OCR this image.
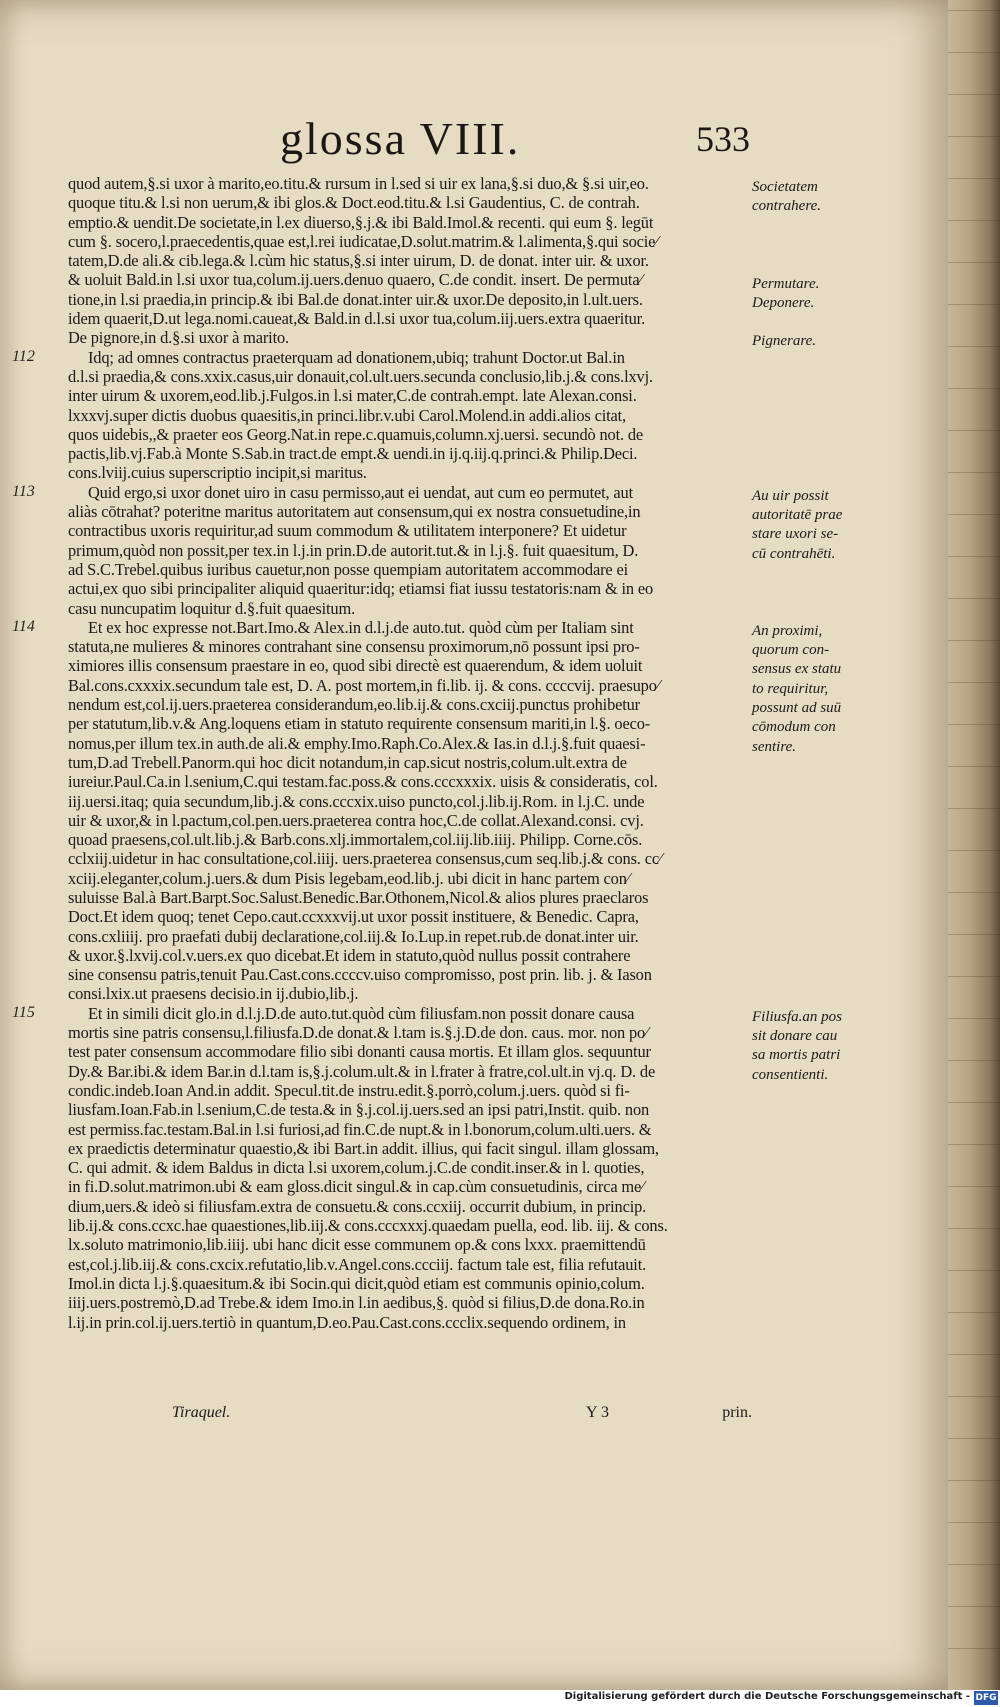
glossa VIII.	533
quod autem,§.si uxor à marito,eo.titu.& rursum in l.sed si uir ex lana,§.si duo,& §.si uir,eo.
quoque titu.& l.si non uerum,& ibi glos.& Doct.eod.titu.& l.si Gaudentius, C. de contrah.
emptio.& uendit.De societate,in l.ex diuerso,§.j.& ibi Bald.Imol.& recenti. qui eum §. legūt
cum §. socero,l.praecedentis,quae est,l.rei iudicatae,D.solut.matrim.& l.alimenta,§.qui socie⁄
tatem,D.de ali.& cib.lega.& l.cùm hic status,§.si inter uirum, D. de donat. inter uir. & uxor.
& uoluit Bald.in l.si uxor tua,colum.ij.uers.denuo quaero, C.de condit. insert. De permuta⁄
tione,in l.si praedia,in princip.& ibi Bal.de donat.inter uir.& uxor.De deposito,in l.ult.uers.
idem quaerit,D.ut lega.nomi.caueat,& Bald.in d.l.si uxor tua,colum.iij.uers.extra quaeritur.
De pignore,in d.§.si uxor à marito.
Idq; ad omnes contractus praeterquam ad donationem,ubiq; trahunt Doctor.ut Bal.in
d.l.si praedia,& cons.xxix.casus,uir donauit,col.ult.uers.secunda conclusio,lib.j.& cons.lxvj.
inter uirum & uxorem,eod.lib.j.Fulgos.in l.si mater,C.de contrah.empt. late Alexan.consi.
lxxxvj.super dictis duobus quaesitis,in princi.libr.v.ubi Carol.Molend.in addi.alios citat,
quos uidebis,,& praeter eos Georg.Nat.in repe.c.quamuis,column.xj.uersi. secundò not. de
pactis,lib.vj.Fab.à Monte S.Sab.in tract.de empt.& uendi.in ij.q.iij.q.princi.& Philip.Deci.
cons.lviij.cuius superscriptio incipit,si maritus.
Quid ergo,si uxor donet uiro in casu permisso,aut ei uendat, aut cum eo permutet, aut
aliàs cōtrahat? poteritne maritus autoritatem aut consensum,qui ex nostra consuetudine,in
contractibus uxoris requiritur,ad suum commodum & utilitatem interponere? Et uidetur
primum,quòd non possit,per tex.in l.j.in prin.D.de autorit.tut.& in l.j.§. fuit quaesitum, D.
ad S.C.Trebel.quibus iuribus cauetur,non posse quempiam autoritatem accommodare ei
actui,ex quo sibi principaliter aliquid quaeritur:idq; etiamsi fiat iussu testatoris:nam & in eo
casu nuncupatim loquitur d.§.fuit quaesitum.
Et ex hoc expresse not.Bart.Imo.& Alex.in d.l.j.de auto.tut. quòd cùm per Italiam sint
statuta,ne mulieres & minores contrahant sine consensu proximorum,nō possunt ipsi pro-
ximiores illis consensum praestare in eo, quod sibi directè est quaerendum, & idem uoluit
Bal.cons.cxxxix.secundum tale est, D. A. post mortem,in fi.lib. ij. & cons. ccccvij. praesupo⁄
nendum est,col.ij.uers.praeterea considerandum,eo.lib.ij.& cons.cxciij.punctus prohibetur
per statutum,lib.v.& Ang.loquens etiam in statuto requirente consensum mariti,in l.§. oeco-
nomus,per illum tex.in auth.de ali.& emphy.Imo.Raph.Co.Alex.& Ias.in d.l.j.§.fuit quaesi-
tum,D.ad Trebell.Panorm.qui hoc dicit notandum,in cap.sicut nostris,colum.ult.extra de
iureiur.Paul.Ca.in l.senium,C.qui testam.fac.poss.& cons.cccxxxix. uisis & consideratis, col.
iij.uersi.itaq; quia secundum,lib.j.& cons.cccxix.uiso puncto,col.j.lib.ij.Rom. in l.j.C. unde
uir & uxor,& in l.pactum,col.pen.uers.praeterea contra hoc,C.de collat.Alexand.consi. cvj.
quoad praesens,col.ult.lib.j.& Barb.cons.xlj.immortalem,col.iij.lib.iiij. Philipp. Corne.cōs.
cclxiij.uidetur in hac consultatione,col.iiij. uers.praeterea consensus,cum seq.lib.j.& cons. cc⁄
xciij.eleganter,colum.j.uers.& dum Pisis legebam,eod.lib.j. ubi dicit in hanc partem con⁄
suluisse Bal.à Bart.Barpt.Soc.Salust.Benedic.Bar.Othonem,Nicol.& alios plures praeclaros
Doct.Et idem quoq; tenet Cepo.caut.ccxxxvij.ut uxor possit instituere, & Benedic. Capra,
cons.cxliiij. pro praefati dubij declaratione,col.iij.& Io.Lup.in repet.rub.de donat.inter uir.
& uxor.§.lxvij.col.v.uers.ex quo dicebat.Et idem in statuto,quòd nullus possit contrahere
sine consensu patris,tenuit Pau.Cast.cons.ccccv.uiso compromisso, post prin. lib. j. & Iason
consi.lxix.ut praesens decisio.in ij.dubio,lib.j.
Et in simili dicit glo.in d.l.j.D.de auto.tut.quòd cùm filiusfam.non possit donare causa
mortis sine patris consensu,l.filiusfa.D.de donat.& l.tam is.§.j.D.de don. caus. mor. non po⁄
test pater consensum accommodare filio sibi donanti causa mortis. Et illam glos. sequuntur
Dy.& Bar.ibi.& idem Bar.in d.l.tam is,§.j.colum.ult.& in l.frater à fratre,col.ult.in vj.q. D. de
condic.indeb.Ioan And.in addit. Specul.tit.de instru.edit.§.porrò,colum.j.uers. quòd si fi-
liusfam.Ioan.Fab.in l.senium,C.de testa.& in §.j.col.ij.uers.sed an ipsi patri,Instit. quib. non
est permiss.fac.testam.Bal.in l.si furiosi,ad fin.C.de nupt.& in l.bonorum,colum.ulti.uers. &
ex praedictis determinatur quaestio,& ibi Bart.in addit. illius, qui facit singul. illam glossam,
C. qui admit. & idem Baldus in dicta l.si uxorem,colum.j.C.de condit.inser.& in l. quoties,
in fi.D.solut.matrimon.ubi & eam gloss.dicit singul.& in cap.cùm consuetudinis, circa me⁄
dium,uers.& ideò si filiusfam.extra de consuetu.& cons.ccxiij. occurrit dubium, in princip.
lib.ij.& cons.ccxc.hae quaestiones,lib.iij.& cons.cccxxxj.quaedam puella, eod. lib. iij. & cons.
lx.soluto matrimonio,lib.iiij. ubi hanc dicit esse communem op.& cons lxxx. praemittendū
est,col.j.lib.iij.& cons.cxcix.refutatio,lib.v.Angel.cons.ccciij. factum tale est, filia refutauit.
Imol.in dicta l.j.§.quaesitum.& ibi Socin.qui dicit,quòd etiam est communis opinio,colum.
iiij.uers.postremò,D.ad Trebe.& idem Imo.in l.in aedibus,§. quòd si filius,D.de dona.Ro.in
l.ij.in prin.col.ij.uers.tertiò in quantum,D.eo.Pau.Cast.cons.ccclix.sequendo ordinem, in
112
113
114
115
Societatem
contrahere.
Permutare.
Deponere.
Pignerare.
Au uir possit
autoritatē prae
stare uxori se-
cū contrahēti.
An proximi,
quorum con-
sensus ex statu
to requiritur,
possunt ad suū
cōmodum con
sentire.
Filiusfa.an pos
sit donare cau
sa mortis patri
consentienti.
Tiraquel.	Y 3	prin.
Digitalisierung gefördert durch die Deutsche Forschungsgemeinschaft - DFG
